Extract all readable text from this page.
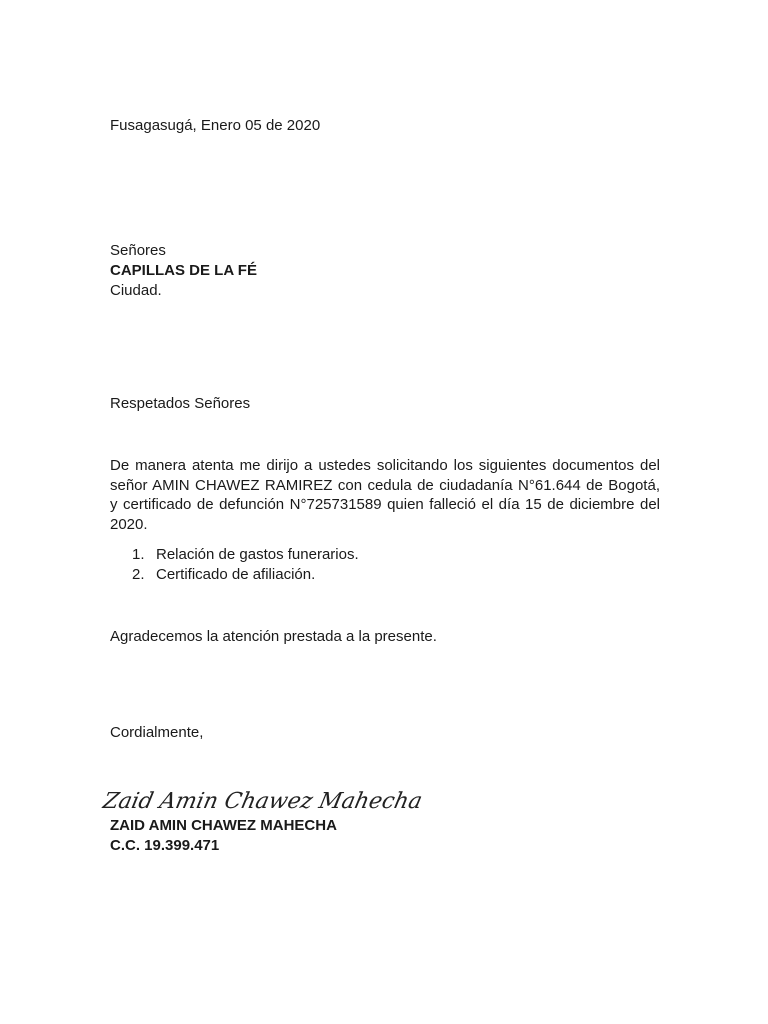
Fusagasugá, Enero 05 de 2020
Señores
CAPILLAS DE LA FÉ
Ciudad.
Respetados Señores
De manera atenta me dirijo a ustedes solicitando los siguientes documentos del
señor AMIN CHAWEZ RAMIREZ con cedula de ciudadanía N°61.644 de Bogotá,
y certificado de defunción N°725731589 quien falleció el día 15 de diciembre del
2020.
1. Relación de gastos funerarios.
2. Certificado de afiliación.
Agradecemos la atención prestada a la presente.
Cordialmente,
Zaid Amin Chawez Mahecha
ZAID AMIN CHAWEZ MAHECHA
C.C. 19.399.471
